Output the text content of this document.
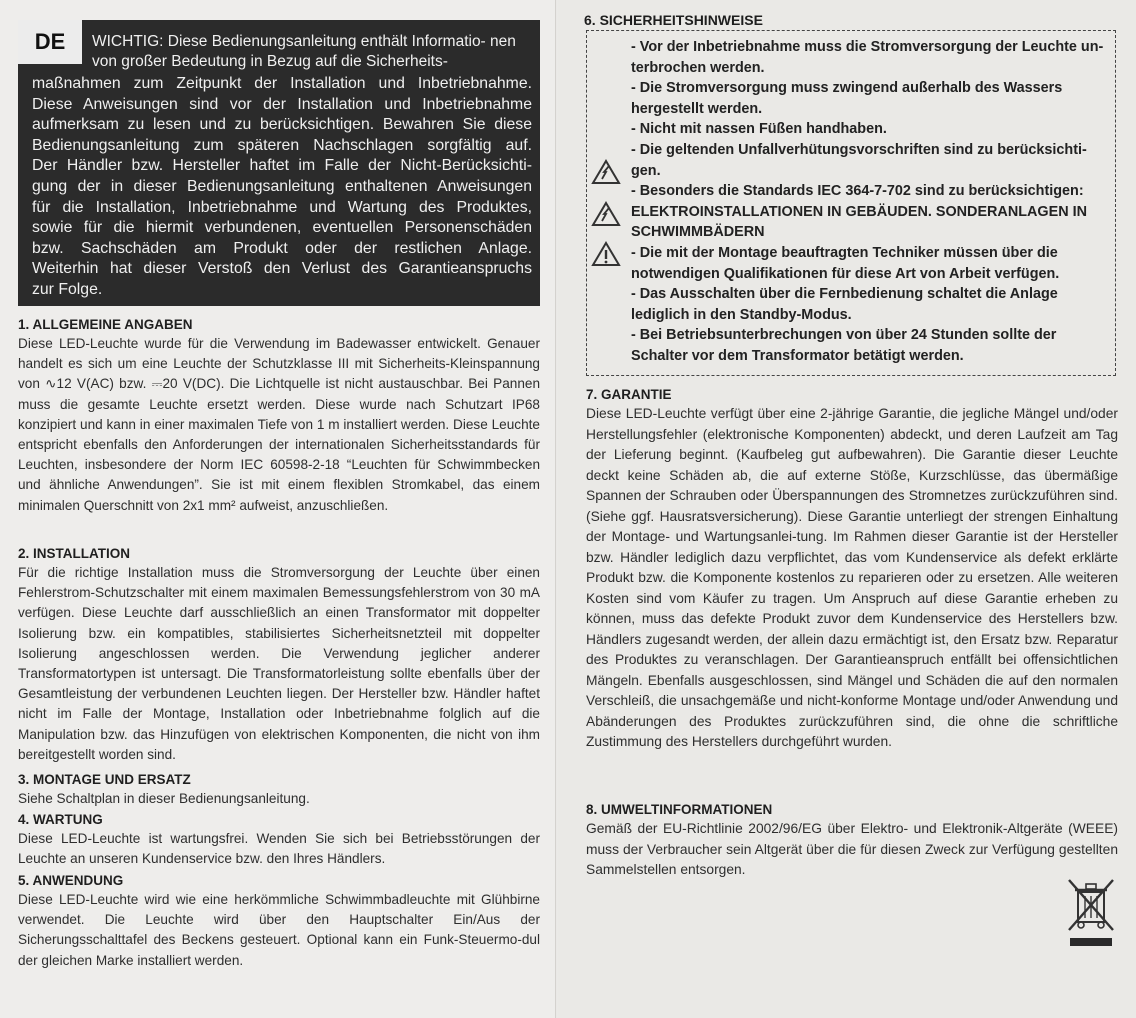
DE	WICHTIG: Diese Bedienungsanleitung enthält Informatio- nen von großer Bedeutung in Bezug auf die Sicherheits-
maßnahmen zum Zeitpunkt der Installation und Inbetriebnahme.
Diese Anweisungen sind vor der Installation und Inbetriebnahme
aufmerksam zu lesen und zu berücksichtigen. Bewahren Sie diese
Bedienungsanleitung zum späteren Nachschlagen sorgfältig auf.
Der Händler bzw. Hersteller haftet im Falle der Nicht-Berücksichti-
gung der in dieser Bedienungsanleitung enthaltenen Anweisungen
für die Installation, Inbetriebnahme und Wartung des Produktes,
sowie für die hiermit verbundenen, eventuellen Personenschäden
bzw. Sachschäden am Produkt oder der restlichen Anlage.
Weiterhin hat dieser Verstoß den Verlust des Garantieanspruchs
zur Folge.
1. ALLGEMEINE ANGABEN

Diese LED-Leuchte wurde für die Verwendung im Badewasser entwickelt. Genauer handelt es sich um eine Leuchte der Schutzklasse III mit Sicherheits-Kleinspannung von ∿12 V(AC) bzw. ⎓20 V(DC). Die Lichtquelle ist nicht austauschbar. Bei Pannen muss die gesamte Leuchte ersetzt werden. Diese wurde nach Schutzart IP68 konzipiert und kann in einer maximalen Tiefe von 1 m installiert werden. Diese Leuchte entspricht ebenfalls den Anforderungen der internationalen Sicherheitsstandards für Leuchten, insbesondere der Norm IEC 60598-2-18 “Leuchten für Schwimmbecken und ähnliche Anwendungen”. Sie ist mit einem flexiblen Stromkabel, das einem minimalen Querschnitt von 2x1 mm² aufweist, anzuschließen.

2. INSTALLATION

Für die richtige Installation muss die Stromversorgung der Leuchte über einen Fehlerstrom-Schutzschalter mit einem maximalen Bemessungsfehlerstrom von 30 mA verfügen. Diese Leuchte darf ausschließlich an einen Transformator mit doppelter Isolierung bzw. ein kompatibles, stabilisiertes Sicherheitsnetzteil mit doppelter Isolierung angeschlossen werden. Die Verwendung jeglicher anderer Transformatortypen ist untersagt. Die Transformatorleistung sollte ebenfalls über der Gesamtleistung der verbundenen Leuchten liegen. Der Hersteller bzw. Händler haftet nicht im Falle der Montage, Installation oder Inbetriebnahme folglich auf die Manipulation bzw. das Hinzufügen von elektrischen Komponenten, die nicht von ihm bereitgestellt worden sind.

3. MONTAGE UND ERSATZ

Siehe Schaltplan in dieser Bedienungsanleitung.

4. WARTUNG

Diese LED-Leuchte ist wartungsfrei. Wenden Sie sich bei Betriebsstörungen der Leuchte an unseren Kundenservice bzw. den Ihres Händlers.

5. ANWENDUNG

Diese LED-Leuchte wird wie eine herkömmliche Schwimmbadleuchte mit Glühbirne verwendet. Die Leuchte wird über den Hauptschalter Ein/Aus der Sicherungsschalttafel des Beckens gesteuert. Optional kann ein Funk-Steuermo-dul der gleichen Marke installiert werden.

6. SICHERHEITSHINWEISE
- Vor der Inbetriebnahme muss die Stromversorgung der Leuchte un-
terbrochen werden.
- Die Stromversorgung muss zwingend außerhalb des Wassers
hergestellt werden.
- Nicht mit nassen Füßen handhaben.
- Die geltenden Unfallverhütungsvorschriften sind zu berücksichti-
gen.
- Besonders die Standards IEC 364-7-702 sind zu berücksichtigen:
ELEKTROINSTALLATIONEN IN GEBÄUDEN. SONDERANLAGEN IN
SCHWIMMBÄDERN
- Die mit der Montage beauftragten Techniker müssen über die
notwendigen Qualifikationen für diese Art von Arbeit verfügen.
- Das Ausschalten über die Fernbedienung schaltet die Anlage
lediglich in den Standby-Modus.
- Bei Betriebsunterbrechungen von über 24 Stunden sollte der
Schalter vor dem Transformator betätigt werden.
7. GARANTIE

Diese LED-Leuchte verfügt über eine 2-jährige Garantie, die jegliche Mängel und/oder Herstellungsfehler (elektronische Komponenten) abdeckt, und deren Laufzeit am Tag der Lieferung beginnt. (Kaufbeleg gut aufbewahren). Die Garantie dieser Leuchte deckt keine Schäden ab, die auf externe Stöße, Kurzschlüsse, das übermäßige Spannen der Schrauben oder Überspannungen des Stromnetzes zurückzuführen sind. (Siehe ggf. Hausratsversicherung). Diese Garantie unterliegt der strengen Einhaltung der Montage- und Wartungsanlei-tung. Im Rahmen dieser Garantie ist der Hersteller bzw. Händler lediglich dazu verpflichtet, das vom Kundenservice als defekt erklärte Produkt bzw. die Komponente kostenlos zu reparieren oder zu ersetzen. Alle weiteren Kosten sind vom Käufer zu tragen. Um Anspruch auf diese Garantie erheben zu können, muss das defekte Produkt zuvor dem Kundenservice des Herstellers bzw. Händlers zugesandt werden, der allein dazu ermächtigt ist, den Ersatz bzw. Reparatur des Produktes zu veranschlagen. Der Garantieanspruch entfällt bei offensichtlichen Mängeln. Ebenfalls ausgeschlossen, sind Mängel und Schäden die auf den normalen Verschleiß, die unsachgemäße und nicht-konforme Montage und/oder Anwendung und Abänderungen des Produktes zurückzuführen sind, die ohne die schriftliche Zustimmung des Herstellers durchgeführt wurden.

8. UMWELTINFORMATIONEN

Gemäß der EU-Richtlinie 2002/96/EG über Elektro- und Elektronik-Altgeräte (WEEE) muss der Verbraucher sein Altgerät über die für diesen Zweck zur Verfügung gestellten Sammelstellen entsorgen.
